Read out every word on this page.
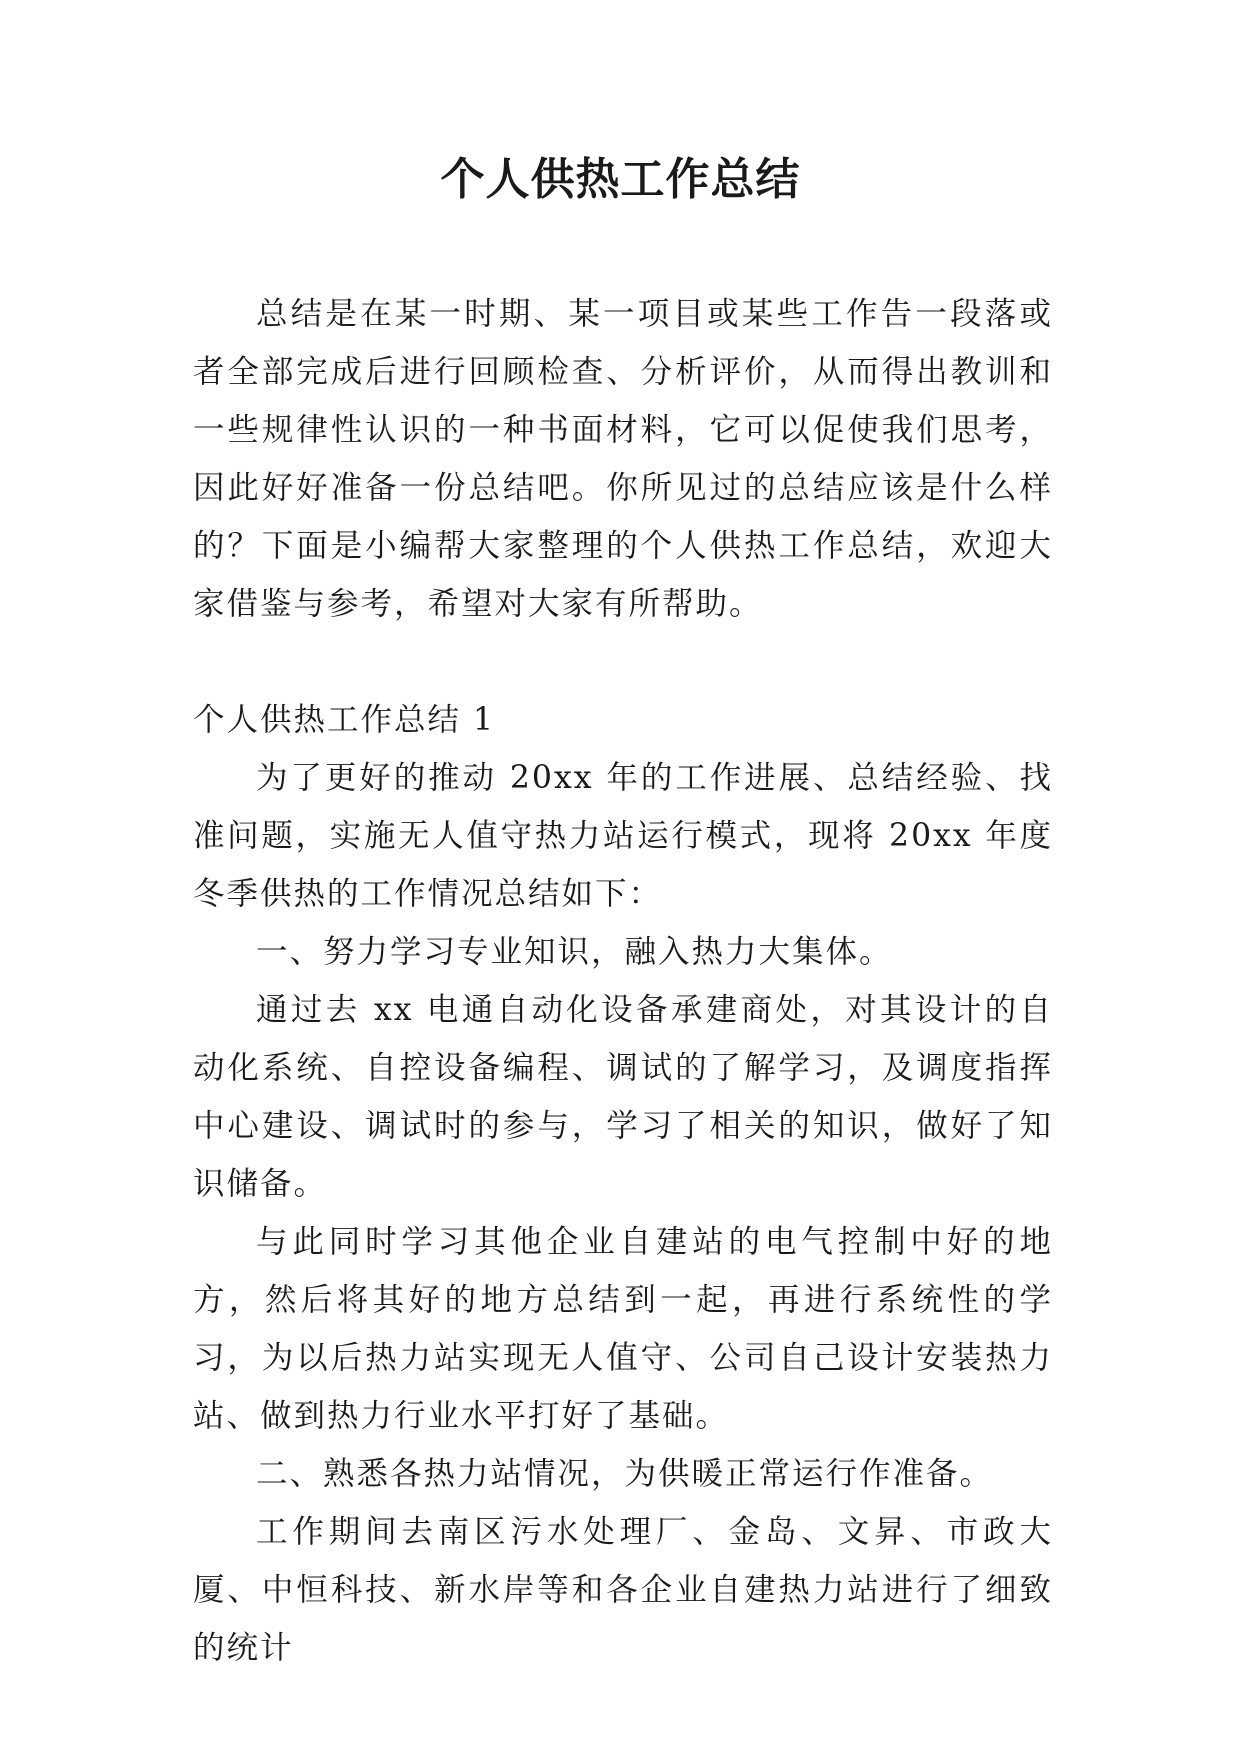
个人供热工作总结

总结是在某一时期、某一项目或某些工作告一段落或者全部完成后进行回顾检查、分析评价，从而得出教训和一些规律性认识的一种书面材料，它可以促使我们思考，因此好好准备一份总结吧。你所见过的总结应该是什么样的？下面是小编帮大家整理的个人供热工作总结，欢迎大家借鉴与参考，希望对大家有所帮助。

个人供热工作总结 1

为了更好的推动 20xx 年的工作进展、总结经验、找准问题，实施无人值守热力站运行模式，现将 20xx 年度冬季供热的工作情况总结如下：

一、努力学习专业知识，融入热力大集体。

通过去 xx 电通自动化设备承建商处，对其设计的自动化系统、自控设备编程、调试的了解学习，及调度指挥中心建设、调试时的参与，学习了相关的知识，做好了知识储备。

与此同时学习其他企业自建站的电气控制中好的地方，然后将其好的地方总结到一起，再进行系统性的学习，为以后热力站实现无人值守、公司自己设计安装热力站、做到热力行业水平打好了基础。

二、熟悉各热力站情况，为供暖正常运行作准备。

工作期间去南区污水处理厂、金岛、文昇、市政大厦、中恒科技、新水岸等和各企业自建热力站进行了细致的统计
